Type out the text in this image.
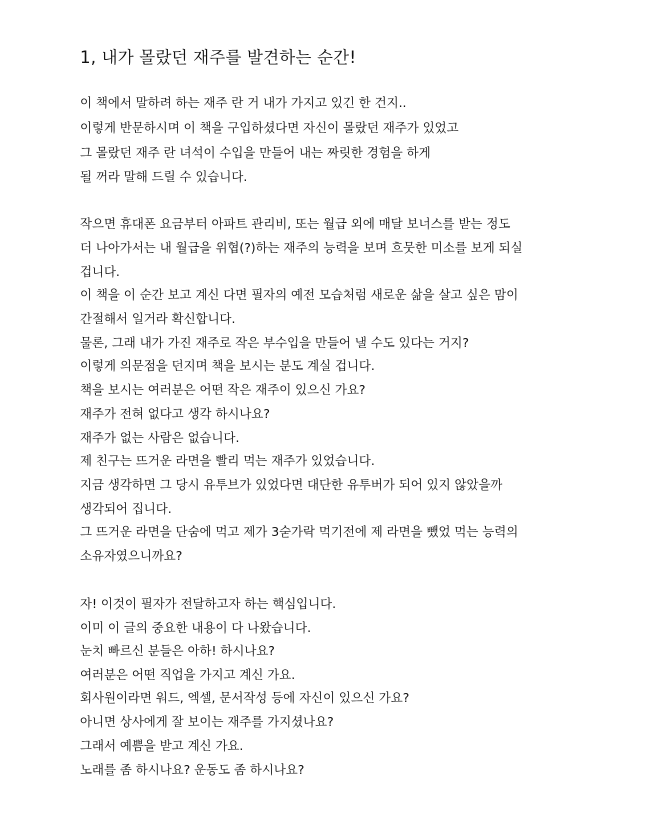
1, 내가 몰랐던 재주를 발견하는 순간!

이 책에서 말하려 하는 재주 란 거 내가 가지고 있긴 한 건지..

이렇게 반문하시며 이 책을 구입하셨다면 자신이 몰랐던 재주가 있었고

그 몰랐던 재주 란 녀석이 수입을 만들어 내는 짜릿한 경험을 하게

될 꺼라 말해 드릴 수 있습니다.

작으면 휴대폰 요금부터 아파트 관리비, 또는 월급 외에 매달 보너스를 받는 정도

더 나아가서는 내 월급을 위협(?)하는 재주의 능력을 보며 흐뭇한 미소를 보게 되실

겁니다.

이 책을 이 순간 보고 계신 다면 필자의 예전 모습처럼 새로운 삶을 살고 싶은 맘이

간절해서 일거라 확신합니다.

물론, 그래 내가 가진 재주로 작은 부수입을 만들어 낼 수도 있다는 거지?

이렇게 의문점을 던지며 책을 보시는 분도 계실 겁니다.

책을 보시는 여러분은 어떤 작은 재주이 있으신 가요?

재주가 전혀 없다고 생각 하시나요?

재주가 없는 사람은 없습니다.

제 친구는 뜨거운 라면을 빨리 먹는 재주가 있었습니다.

지금 생각하면 그 당시 유투브가 있었다면 대단한 유투버가 되어 있지 않았을까

생각되어 집니다.

그 뜨거운 라면을 단숨에 먹고 제가 3숟가락 먹기전에 제 라면을 뺐었 먹는 능력의

소유자였으니까요?

자! 이것이 필자가 전달하고자 하는 핵심입니다.

이미 이 글의 중요한 내용이 다 나왔습니다.

눈치 빠르신 분들은 아하! 하시나요?

여러분은 어떤 직업을 가지고 계신 가요.

회사원이라면 워드, 엑셀, 문서작성 등에 자신이 있으신 가요?

아니면 상사에게 잘 보이는 재주를 가지셨나요?

그래서 예쁨을 받고 계신 가요.

노래를 좀 하시나요? 운동도 좀 하시나요?
